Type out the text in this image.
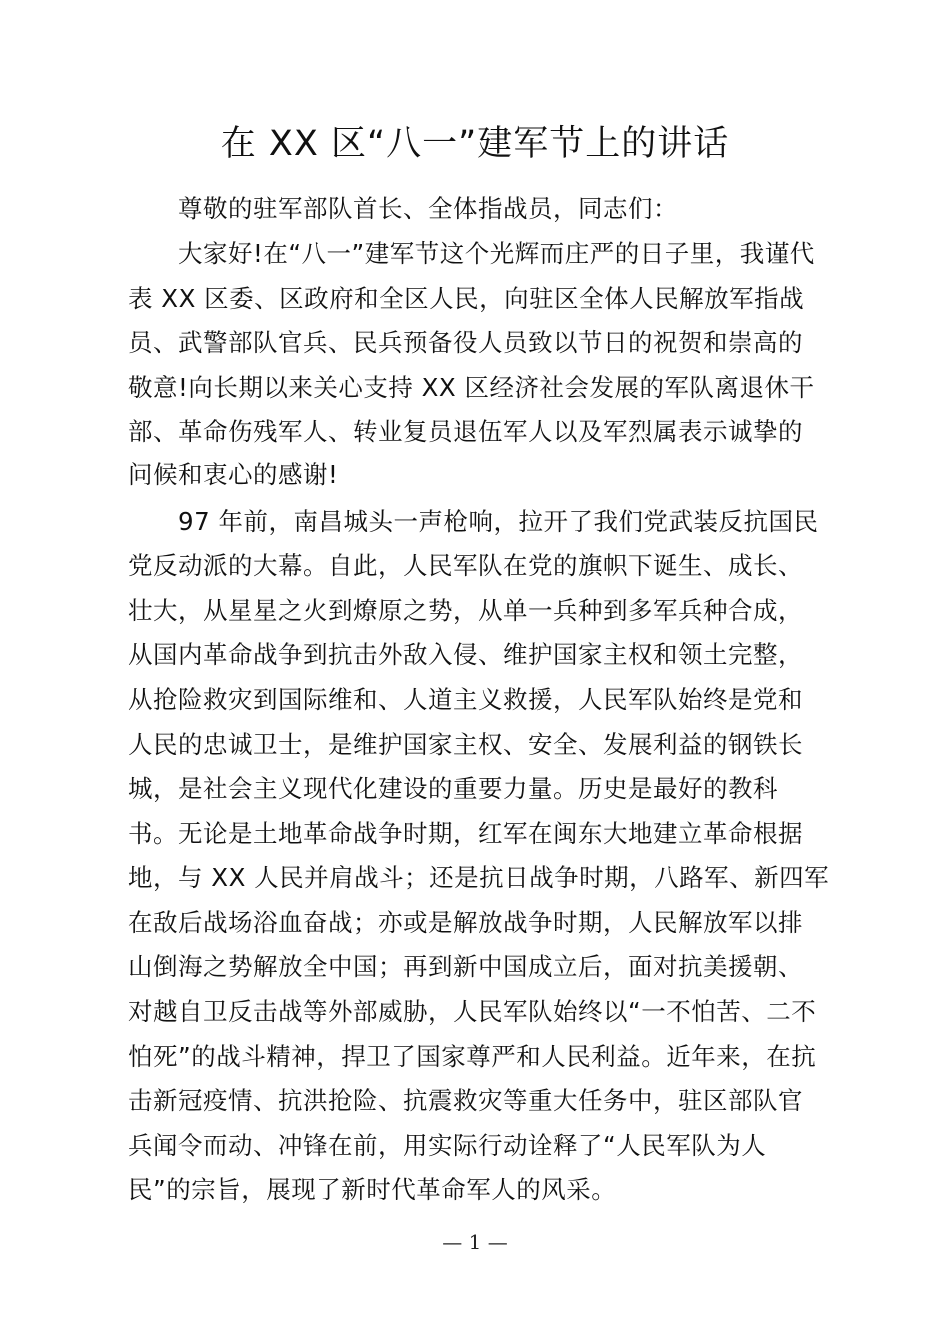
在 XX 区“八一”建军节上的讲话
尊敬的驻军部队首长、全体指战员，同志们：
大家好!在“八一”建军节这个光辉而庄严的日子里，我谨代
表 XX 区委、区政府和全区人民，向驻区全体人民解放军指战
员、武警部队官兵、民兵预备役人员致以节日的祝贺和崇高的
敬意!向长期以来关心支持 XX 区经济社会发展的军队离退休干
部、革命伤残军人、转业复员退伍军人以及军烈属表示诚挚的
问候和衷心的感谢!
97 年前，南昌城头一声枪响，拉开了我们党武装反抗国民
党反动派的大幕。自此，人民军队在党的旗帜下诞生、成长、
壮大，从星星之火到燎原之势，从单一兵种到多军兵种合成，
从国内革命战争到抗击外敌入侵、维护国家主权和领土完整，
从抢险救灾到国际维和、人道主义救援，人民军队始终是党和
人民的忠诚卫士，是维护国家主权、安全、发展利益的钢铁长
城，是社会主义现代化建设的重要力量。历史是最好的教科
书。无论是土地革命战争时期，红军在闽东大地建立革命根据
地，与 XX 人民并肩战斗；还是抗日战争时期，八路军、新四军
在敌后战场浴血奋战；亦或是解放战争时期，人民解放军以排
山倒海之势解放全中国；再到新中国成立后，面对抗美援朝、
对越自卫反击战等外部威胁，人民军队始终以“一不怕苦、二不
怕死”的战斗精神，捍卫了国家尊严和人民利益。近年来，在抗
击新冠疫情、抗洪抢险、抗震救灾等重大任务中，驻区部队官
兵闻令而动、冲锋在前，用实际行动诠释了“人民军队为人
民”的宗旨，展现了新时代革命军人的风采。
— 1 —
